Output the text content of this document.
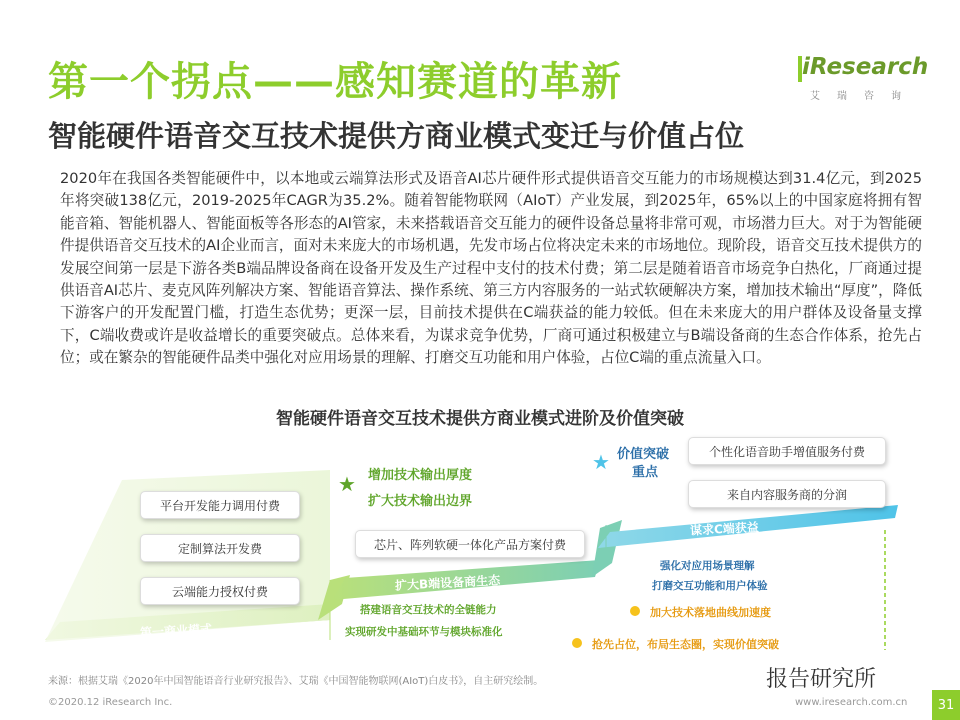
第一个拐点——感知赛道的革新
智能硬件语音交互技术提供方商业模式变迁与价值占位
iResearch
艾瑞咨询
2020年在我国各类智能硬件中，以本地或云端算法形式及语音AI芯片硬件形式提供语音交互能力的市场规模达到31.4亿元，到2025年将突破138亿元，2019-2025年CAGR为35.2%。随着智能物联网（AIoT）产业发展，到2025年，65%以上的中国家庭将拥有智能音箱、智能机器人、智能面板等各形态的AI管家，未来搭载语音交互能力的硬件设备总量将非常可观，市场潜力巨大。对于为智能硬件提供语音交互技术的AI企业而言，面对未来庞大的市场机遇，先发市场占位将决定未来的市场地位。现阶段，语音交互技术提供方的发展空间第一层是下游各类B端品牌设备商在设备开发及生产过程中支付的技术付费；第二层是随着语音市场竞争白热化，厂商通过提供语音AI芯片、麦克风阵列解决方案、智能语音算法、操作系统、第三方内容服务的一站式软硬解决方案，增加技术输出“厚度”，降低下游客户的开发配置门槛，打造生态优势；更深一层，目前技术提供在C端获益的能力较低。但在未来庞大的用户群体及设备量支撑下，C端收费或许是收益增长的重要突破点。总体来看，为谋求竞争优势，厂商可通过积极建立与B端设备商的生态合作体系，抢先占位；或在繁杂的智能硬件品类中强化对应用场景的理解、打磨交互功能和用户体验，占位C端的重点流量入口。
智能硬件语音交互技术提供方商业模式进阶及价值突破
平台开发能力调用付费
定制算法开发费
云端能力授权付费
第一商业模式
芯片、阵列软硬一体化产品方案付费
扩大B端设备商生态
搭建语音交互技术的全链能力
实现研发中基础环节与模块标准化
★ 增加技术输出厚度
扩大技术输出边界
个性化语音助手增值服务付费
来自内容服务商的分润
★ 价值突破
重点
谋求C端获益
强化对应用场景理解
打磨交互功能和用户体验
加大技术落地曲线加速度
抢先占位，布局生态圈，实现价值突破
来源：根据艾瑞《2020年中国智能语音行业研究报告》、艾瑞《中国智能物联网(AIoT)白皮书》，自主研究绘制。	报告研究所
©2020.12 iResearch Inc.	www.iresearch.com.cn	31
